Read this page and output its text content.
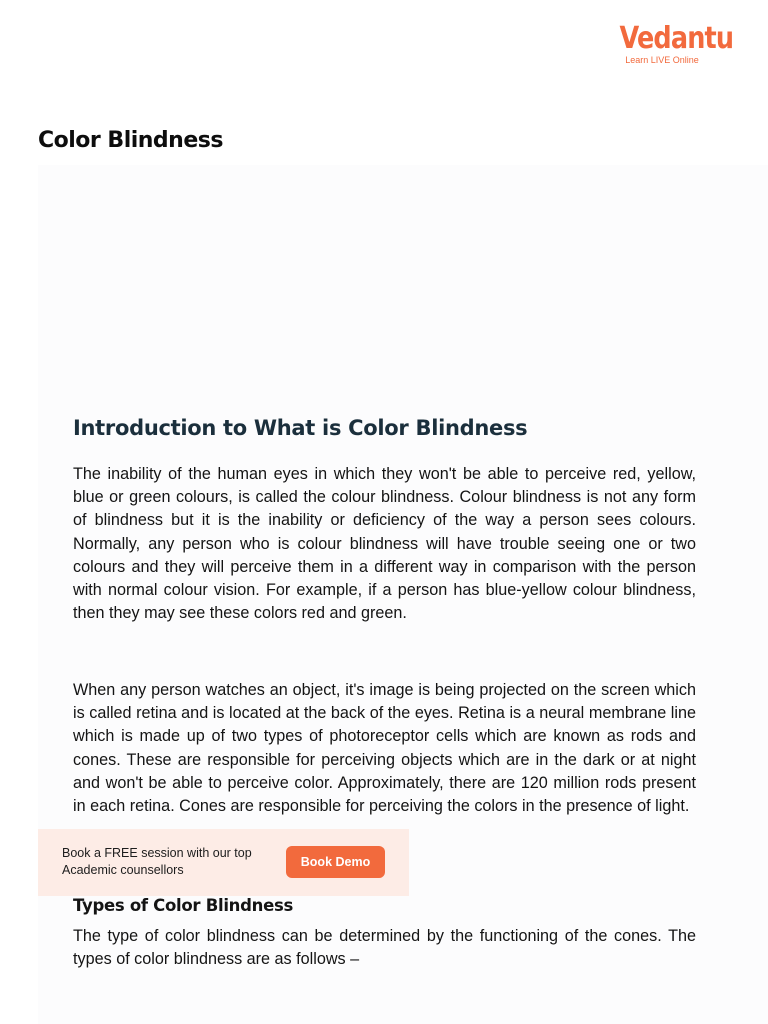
Vedantu
Learn LIVE Online
Color Blindness
Introduction to What is Color Blindness

The inability of the human eyes in which they won't be able to perceive red, yellow, blue or green colours, is called the colour blindness. Colour blindness is not any form of blindness but it is the inability or deficiency of the way a person sees colours. Normally, any person who is colour blindness will have trouble seeing one or two colours and they will perceive them in a different way in comparison with the person with normal colour vision. For example, if a person has blue-yellow colour blindness, then they may see these colors red and green.

When any person watches an object, it's image is being projected on the screen which is called retina and is located at the back of the eyes. Retina is a neural membrane line which is made up of two types of photoreceptor cells which are known as rods and cones. These are responsible for perceiving objects which are in the dark or at night and won't be able to perceive color. Approximately, there are 120 million rods present in each retina. Cones are responsible for perceiving the colors in the presence of light.

Types of Color Blindness

The type of color blindness can be determined by the functioning of the cones. The types of color blindness are as follows –

Book a FREE session with our top Academic counsellors
Book Demo
